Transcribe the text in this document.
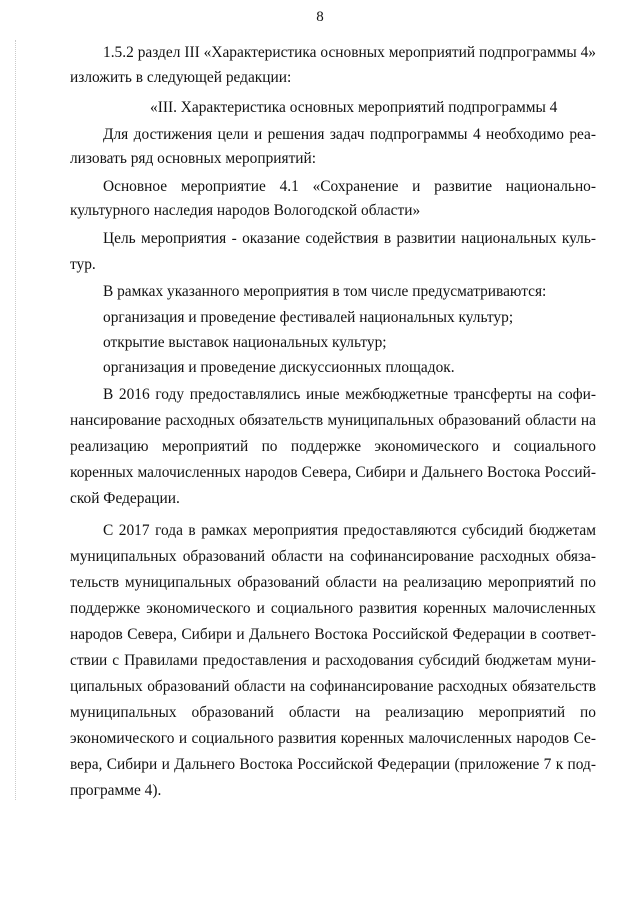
8
1.5.2 раздел III «Характеристика основных мероприятий подпрограммы 4»
изложить в следующей редакции:
«III. Характеристика основных мероприятий подпрограммы 4
Для достижения цели и решения задач подпрограммы 4 необходимо реа-
лизовать ряд основных мероприятий:
Основное мероприятие 4.1 «Сохранение и развитие национально-
культурного наследия народов Вологодской области»
Цель мероприятия - оказание содействия в развитии национальных куль-
тур.
В рамках указанного мероприятия в том числе предусматриваются:
организация и проведение фестивалей национальных культур;
открытие выставок национальных культур;
организация и проведение дискуссионных площадок.
В 2016 году предоставлялись иные межбюджетные трансферты на софи-
нансирование расходных обязательств муниципальных образований области на
реализацию мероприятий по поддержке экономического и социального
коренных малочисленных народов Севера, Сибири и Дальнего Востока Россий-
ской Федерации.
С 2017 года в рамках мероприятия предоставляются субсидий бюджетам
муниципальных образований области на софинансирование расходных обяза-
тельств муниципальных образований области на реализацию мероприятий по
поддержке экономического и социального развития коренных малочисленных
народов Севера, Сибири и Дальнего Востока Российской Федерации в соответ-
ствии с Правилами предоставления и расходования субсидий бюджетам муни-
ципальных образований области на софинансирование расходных обязательств
муниципальных образований области на реализацию мероприятий по
экономического и социального развития коренных малочисленных народов Се-
вера, Сибири и Дальнего Востока Российской Федерации (приложение 7 к под-
программе 4).
